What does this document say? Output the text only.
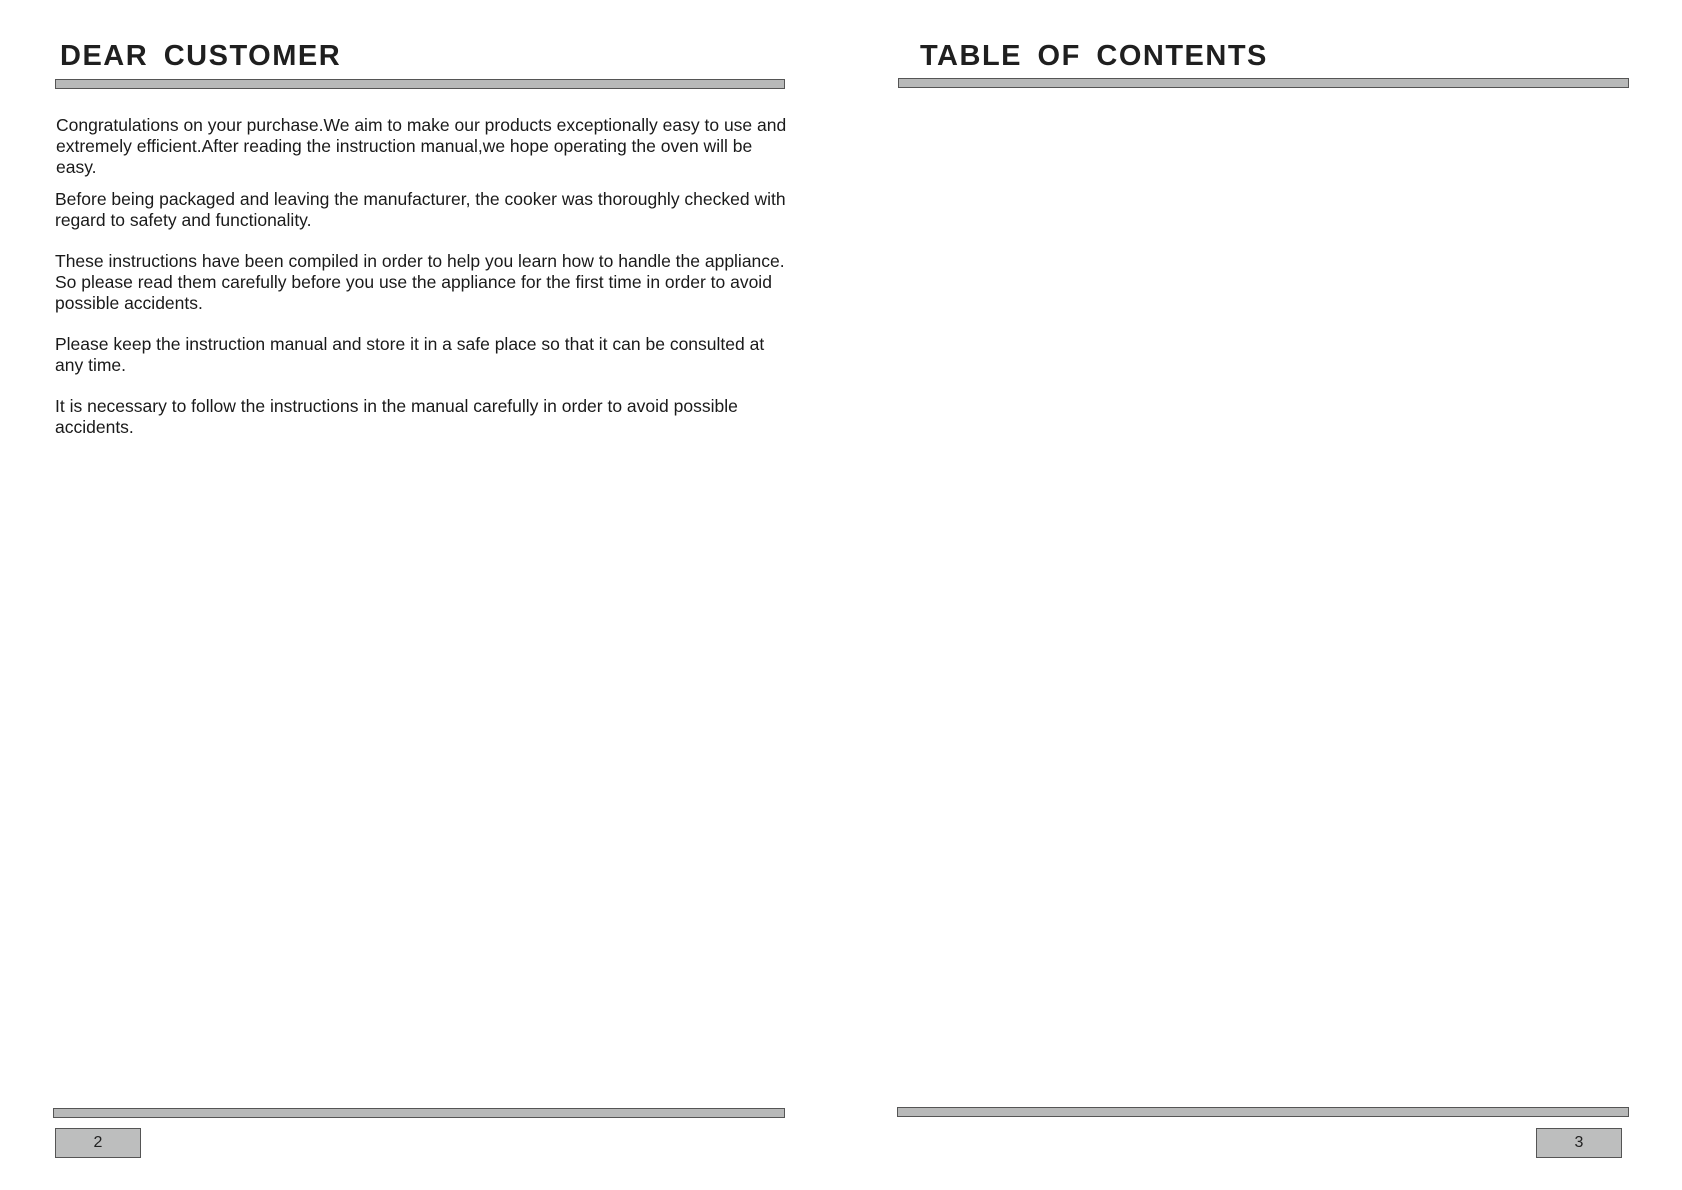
DEAR CUSTOMER

Congratulations on your purchase.We aim to make our products exceptionally easy to use and extremely efficient.After reading the instruction manual,we hope operating the oven will be easy.

Before being packaged and leaving the manufacturer, the cooker was thoroughly checked with regard to safety and functionality.

These instructions have been compiled in order to help you learn how to handle the appliance. So please read them carefully before you use the appliance for the first time in order to avoid possible accidents.

Please keep the instruction manual and store it in a safe place so that it can be consulted at any time.

It is necessary to follow the instructions in the manual carefully in order to avoid possible accidents.

2
TABLE OF CONTENTS
3
